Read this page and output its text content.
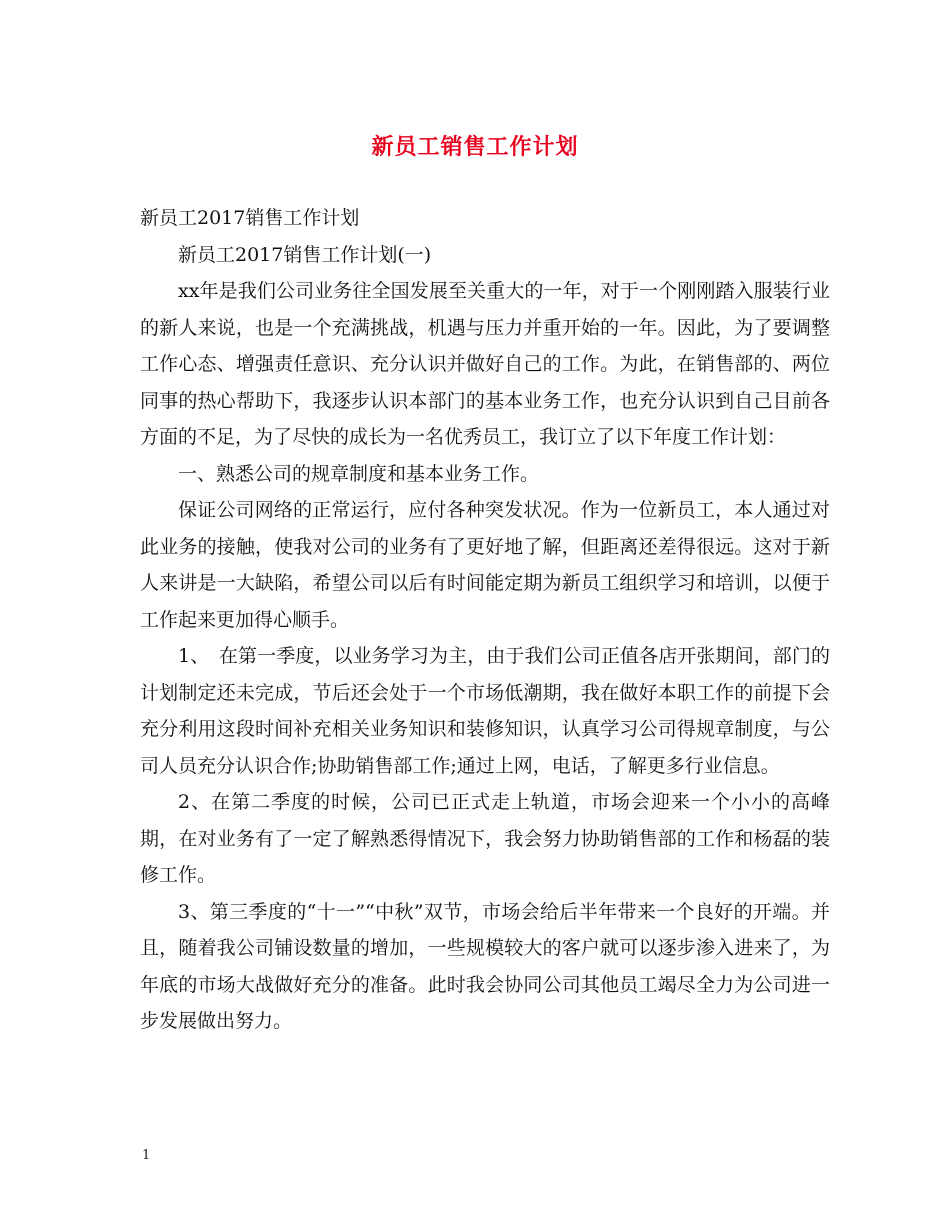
新员工销售工作计划

新员工2017销售工作计划

新员工2017销售工作计划(一)

xx年是我们公司业务往全国发展至关重大的一年，对于一个刚刚踏入服装行业的新人来说，也是一个充满挑战，机遇与压力并重开始的一年。因此，为了要调整工作心态、增强责任意识、充分认识并做好自己的工作。为此，在销售部的、两位同事的热心帮助下，我逐步认识本部门的基本业务工作，也充分认识到自己目前各方面的不足，为了尽快的成长为一名优秀员工，我订立了以下年度工作计划：

一、熟悉公司的规章制度和基本业务工作。

保证公司网络的正常运行，应付各种突发状况。作为一位新员工，本人通过对此业务的接触，使我对公司的业务有了更好地了解，但距离还差得很远。这对于新人来讲是一大缺陷，希望公司以后有时间能定期为新员工组织学习和培训，以便于工作起来更加得心顺手。

1、　在第一季度，以业务学习为主，由于我们公司正值各店开张期间，部门的计划制定还未完成，节后还会处于一个市场低潮期，我在做好本职工作的前提下会充分利用这段时间补充相关业务知识和装修知识，认真学习公司得规章制度，与公司人员充分认识合作;协助销售部工作;通过上网，电话，了解更多行业信息。

2、在第二季度的时候，公司已正式走上轨道，市场会迎来一个小小的高峰期，在对业务有了一定了解熟悉得情况下，我会努力协助销售部的工作和杨磊的装修工作。

3、第三季度的“十一”“中秋”双节，市场会给后半年带来一个良好的开端。并且，随着我公司铺设数量的增加，一些规模较大的客户就可以逐步渗入进来了，为年底的市场大战做好充分的准备。此时我会协同公司其他员工竭尽全力为公司进一步发展做出努力。

1
